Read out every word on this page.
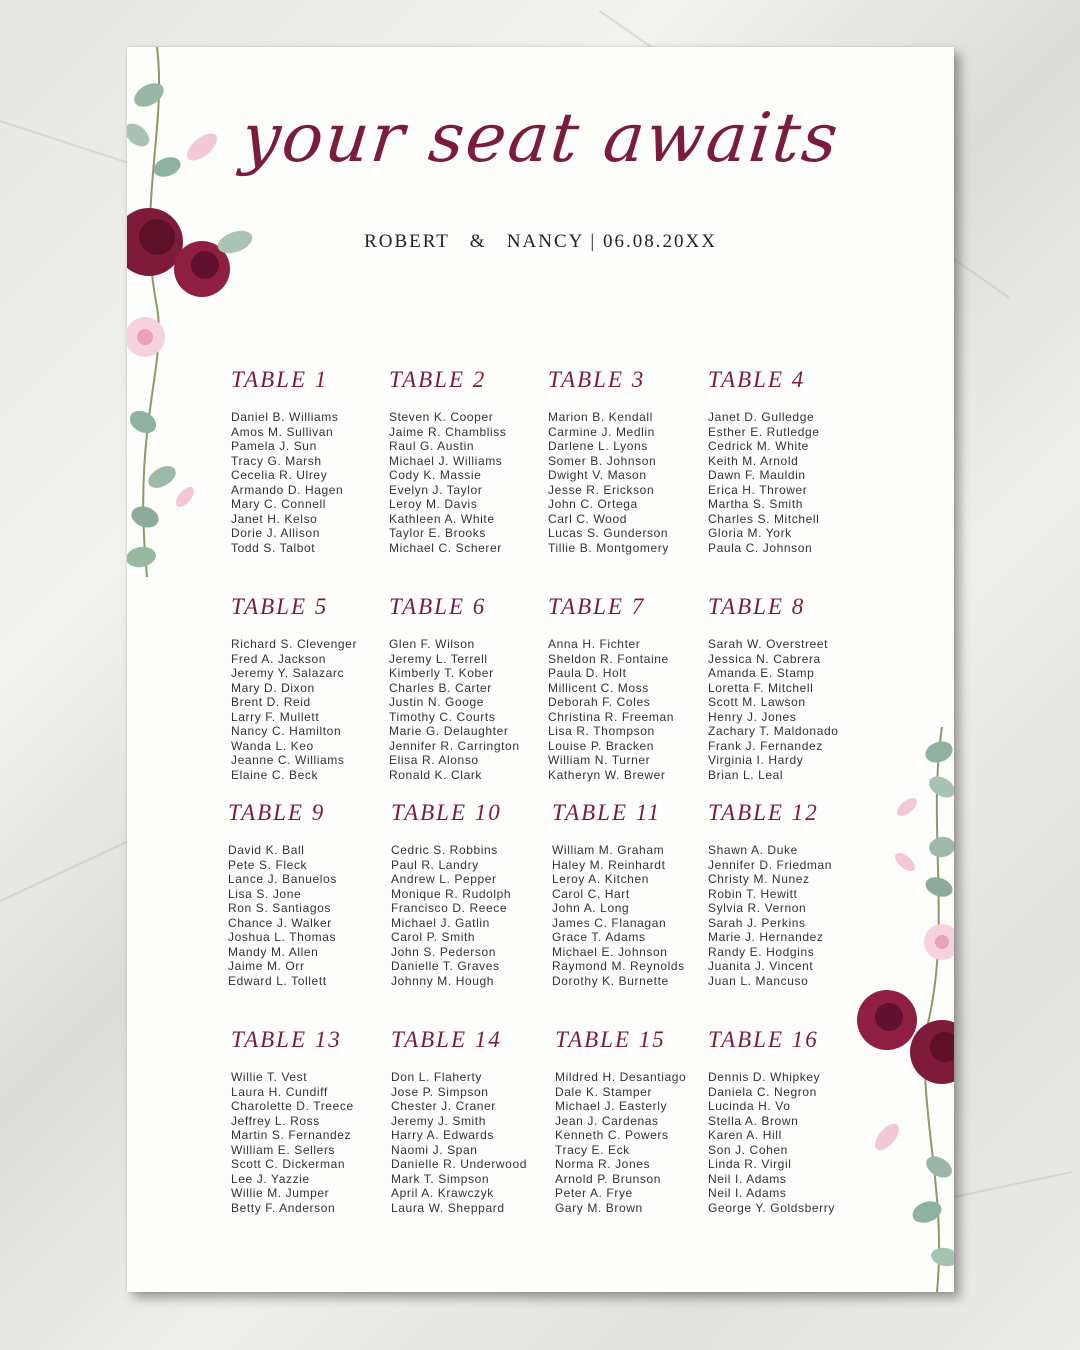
your seat awaits
ROBERT & NANCY | 06.08.20XX
TABLE 1
Daniel B. Williams
Amos M. Sullivan
Pamela J. Sun
Tracy G. Marsh
Cecelia R. Ulrey
Armando D. Hagen
Mary C. Connell
Janet H. Kelso
Dorie J. Allison
Todd S. Talbot
TABLE 2
Steven K. Cooper
Jaime R. Chambliss
Raul G. Austin
Michael J. Williams
Cody K. Massie
Evelyn J. Taylor
Leroy M. Davis
Kathleen A. White
Taylor E. Brooks
Michael C. Scherer
TABLE 3
Marion B. Kendall
Carmine J. Medlin
Darlene L. Lyons
Somer B. Johnson
Dwight V. Mason
Jesse R. Erickson
John C. Ortega
Carl C. Wood
Lucas S. Gunderson
Tillie B. Montgomery
TABLE 4
Janet D. Gulledge
Esther E. Rutledge
Cedrick M. White
Keith M. Arnold
Dawn F. Mauldin
Erica H. Thrower
Martha S. Smith
Charles S. Mitchell
Gloria M. York
Paula C. Johnson
TABLE 5
Richard S. Clevenger
Fred A. Jackson
Jeremy Y. Salazarc
Mary D. Dixon
Brent D. Reid
Larry F. Mullett
Nancy C. Hamilton
Wanda L. Keo
Jeanne C. Williams
Elaine C. Beck
TABLE 6
Glen F. Wilson
Jeremy L. Terrell
Kimberly T. Kober
Charles B. Carter
Justin N. Googe
Timothy C. Courts
Marie G. Delaughter
Jennifer R. Carrington
Elisa R. Alonso
Ronald K. Clark
TABLE 7
Anna H. Fichter
Sheldon R. Fontaine
Paula D. Holt
Millicent C. Moss
Deborah F. Coles
Christina R. Freeman
Lisa R. Thompson
Louise P. Bracken
William N. Turner
Katheryn W. Brewer
TABLE 8
Sarah W. Overstreet
Jessica N. Cabrera
Amanda E. Stamp
Loretta F. Mitchell
Scott M. Lawson
Henry J. Jones
Zachary T. Maldonado
Frank J. Fernandez
Virginia I. Hardy
Brian L. Leal
TABLE 9
David K. Ball
Pete S. Fleck
Lance J. Banuelos
Lisa S. Jone
Ron S. Santiagos
Chance J. Walker
Joshua L. Thomas
Mandy M. Allen
Jaime M. Orr
Edward L. Tollett
TABLE 10
Cedric S. Robbins
Paul R. Landry
Andrew L. Pepper
Monique R. Rudolph
Francisco D. Reece
Michael J. Gatlin
Carol P. Smith
John S. Pederson
Danielle T. Graves
Johnny M. Hough
TABLE 11
William M. Graham
Haley M. Reinhardt
Leroy A. Kitchen
Carol C. Hart
John A. Long
James C. Flanagan
Grace T. Adams
Michael E. Johnson
Raymond M. Reynolds
Dorothy K. Burnette
TABLE 12
Shawn A. Duke
Jennifer D. Friedman
Christy M. Nunez
Robin T. Hewitt
Sylvia R. Vernon
Sarah J. Perkins
Marie J. Hernandez
Randy E. Hodgins
Juanita J. Vincent
Juan L. Mancuso
TABLE 13
Willie T. Vest
Laura H. Cundiff
Charolette D. Treece
Jeffrey L. Ross
Martin S. Fernandez
William E. Sellers
Scott C. Dickerman
Lee J. Yazzie
Willie M. Jumper
Betty F. Anderson
TABLE 14
Don L. Flaherty
Jose P. Simpson
Chester J. Craner
Jeremy J. Smith
Harry A. Edwards
Naomi J. Span
Danielle R. Underwood
Mark T. Simpson
April A. Krawczyk
Laura W. Sheppard
TABLE 15
Mildred H. Desantiago
Dale K. Stamper
Michael J. Easterly
Jean J. Cardenas
Kenneth C. Powers
Tracy E. Eck
Norma R. Jones
Arnold P. Brunson
Peter A. Frye
Gary M. Brown
TABLE 16
Dennis D. Whipkey
Daniela C. Negron
Lucinda H. Vo
Stella A. Brown
Karen A. Hill
Son J. Cohen
Linda R. Virgil
Neil I. Adams
Neil I. Adams
George Y. Goldsberry
